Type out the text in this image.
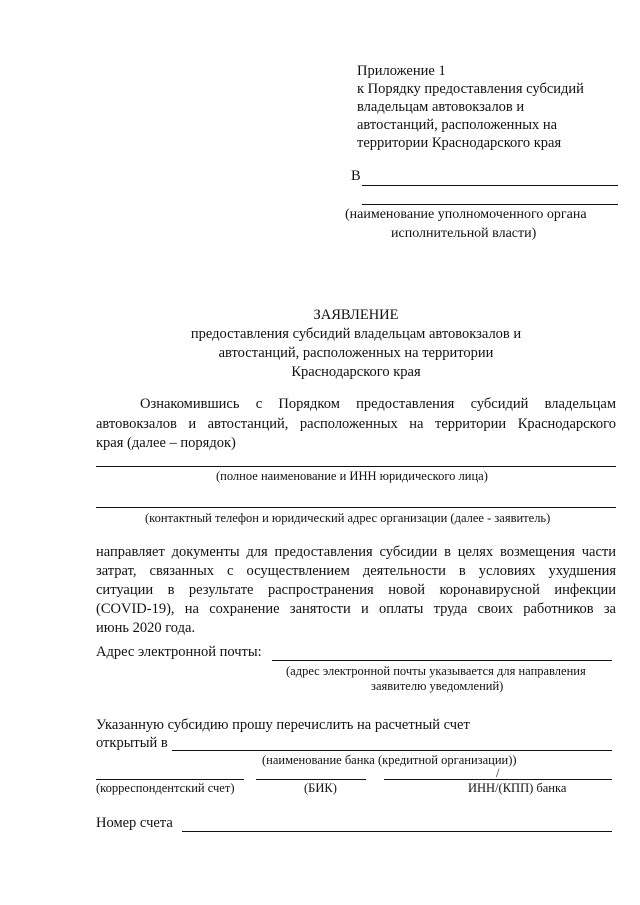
Приложение 1
к Порядку предоставления субсидий
владельцам автовокзалов и
автостанций, расположенных на
территории Краснодарского края
В
(наименование уполномоченного органа
исполнительной власти)
ЗАЯВЛЕНИЕ
предоставления субсидий владельцам автовокзалов и
автостанций, расположенных на территории
Краснодарского края
Ознакомившись с Порядком предоставления субсидий владельцам
автовокзалов и автостанций, расположенных на территории Краснодарского
края (далее – порядок)
(полное наименование и ИНН юридического лица)
(контактный телефон и юридический адрес организации (далее - заявитель)
направляет документы для предоставления субсидии в целях возмещения части
затрат, связанных с осуществлением деятельности в условиях ухудшения
ситуации в результате распространения новой коронавирусной инфекции
(COVID-19), на сохранение занятости и оплаты труда своих работников за
июнь 2020 года.
Адрес электронной почты:
(адрес электронной почты указывается для направления
заявителю уведомлений)
Указанную субсидию прошу перечислить на расчетный счет
открытый в
(наименование банка (кредитной организации))
/
(корреспондентский счет)	(БИК)	ИНН/(КПП) банка
Номер счета
